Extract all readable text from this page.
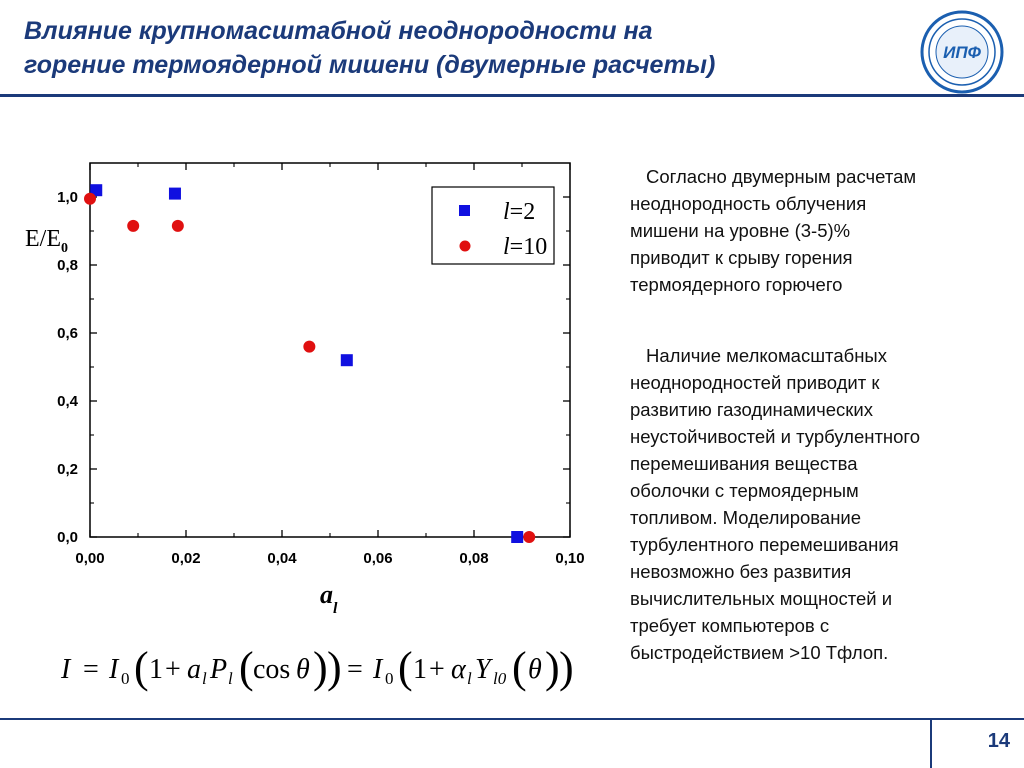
Влияние крупномасштабной неоднородности на
горение термоядерной мишени (двумерные расчеты)	ИПФ
0,00	0,02	0,04	0,06	0,08	0,10
0,0
0,2
0,4
0,6
0,8
1,0
$E/E_0$
$a_l$
l=2
l=10
Согласно двумерным расчетам
неоднородность облучения
мишени на уровне (3-5)%
приводит к срыву горения
термоядерного горючего
Наличие мелкомасштабных
неоднородностей приводит к
развитию газодинамических
неустойчивостей и турбулентного
перемешивания вещества
оболочки с термоядерным
топливом. Моделирование
турбулентного перемешивания
невозможно без развития
вычислительных мощностей и
требует компьютеров с
быстродействием >10 Тфлоп.
I = I 0 ( 1 + a l P l ( cos θ ) ) = I 0 ( 1 + α l Y l0 ( θ ) )
14
